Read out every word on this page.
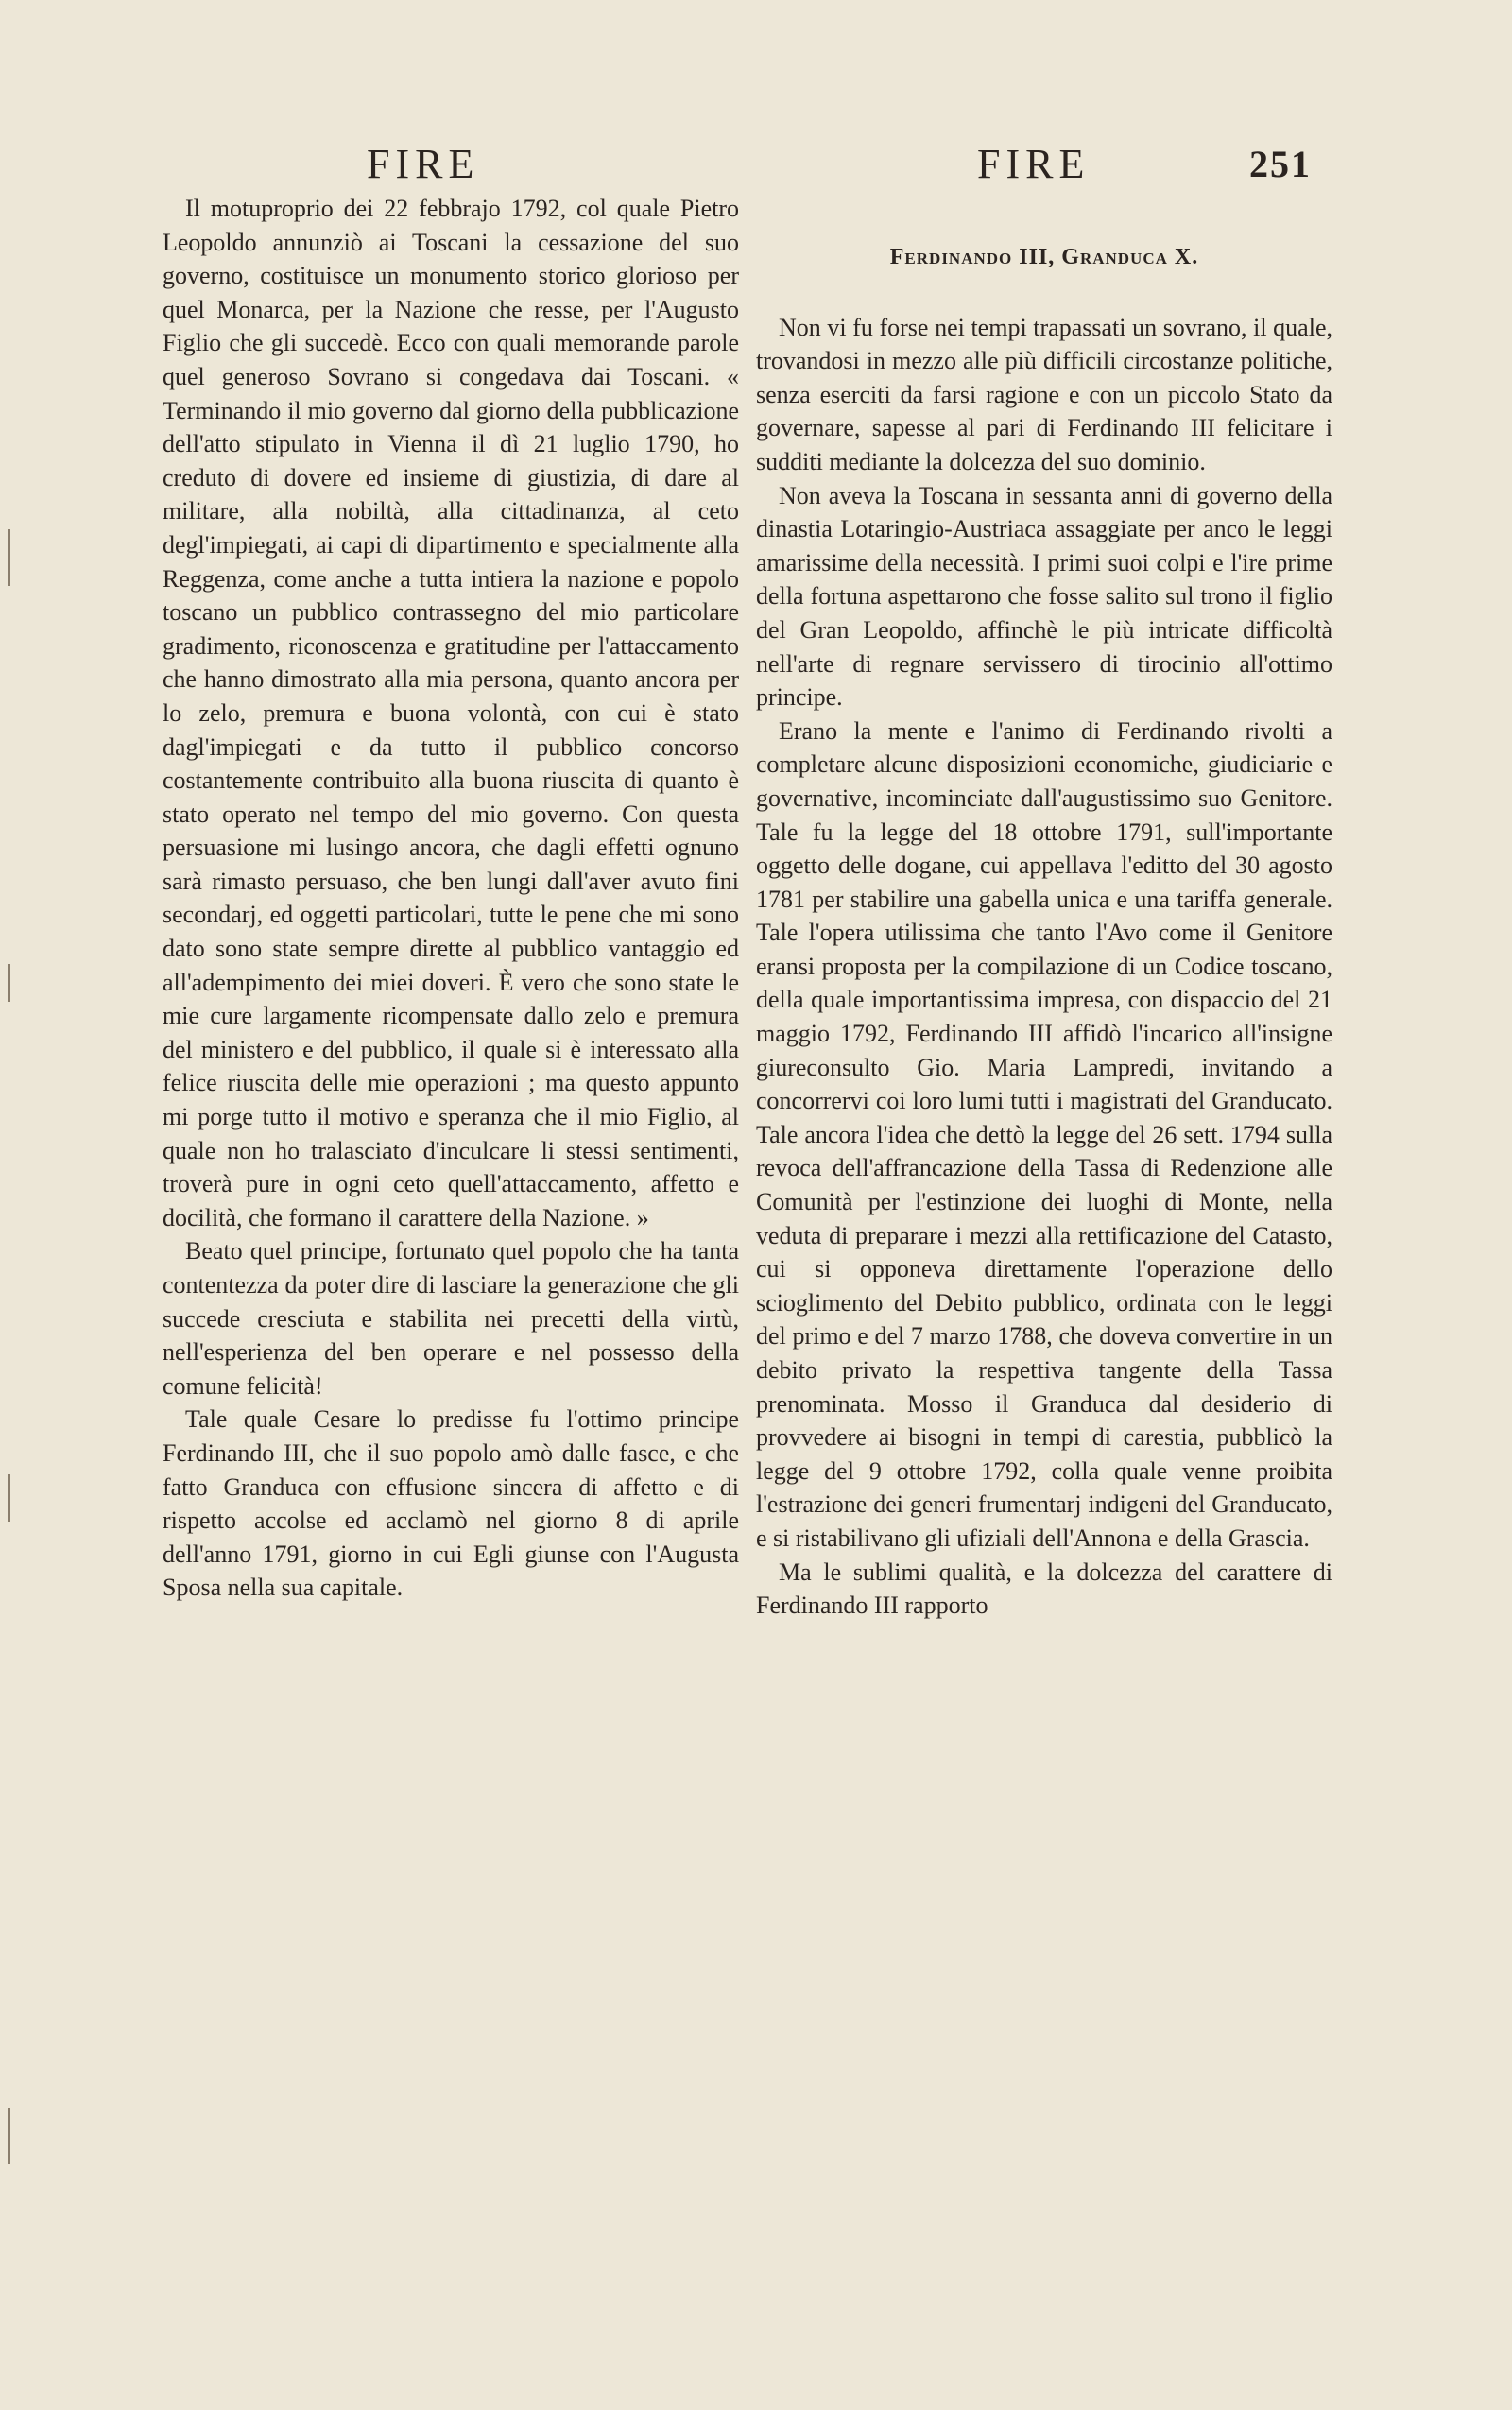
FIRE	FIRE	251

Il motuproprio dei 22 febbrajo 1792, col quale Pietro Leopoldo annunziò ai Toscani la cessazione del suo governo, costituisce un monumento storico glorioso per quel Monarca, per la Nazione che resse, per l'Augusto Figlio che gli succedè. Ecco con quali memorande parole quel generoso Sovrano si congedava dai Toscani. « Terminando il mio governo dal giorno della pubblicazione dell'atto stipulato in Vienna il dì 21 luglio 1790, ho creduto di dovere ed insieme di giustizia, di dare al militare, alla nobiltà, alla cittadinanza, al ceto degl'impiegati, ai capi di dipartimento e specialmente alla Reggenza, come anche a tutta intiera la nazione e popolo toscano un pubblico contrassegno del mio particolare gradimento, riconoscenza e gratitudine per l'attaccamento che hanno dimostrato alla mia persona, quanto ancora per lo zelo, premura e buona volontà, con cui è stato dagl'impiegati e da tutto il pubblico concorso costantemente contribuito alla buona riuscita di quanto è stato operato nel tempo del mio governo. Con questa persuasione mi lusingo ancora, che dagli effetti ognuno sarà rimasto persuaso, che ben lungi dall'aver avuto fini secondarj, ed oggetti particolari, tutte le pene che mi sono dato sono state sempre dirette al pubblico vantaggio ed all'adempimento dei miei doveri. È vero che sono state le mie cure largamente ricompensate dallo zelo e premura del ministero e del pubblico, il quale si è interessato alla felice riuscita delle mie operazioni ; ma questo appunto mi porge tutto il motivo e speranza che il mio Figlio, al quale non ho tralasciato d'inculcare li stessi sentimenti, troverà pure in ogni ceto quell'attaccamento, affetto e docilità, che formano il carattere della Nazione. »

Beato quel principe, fortunato quel popolo che ha tanta contentezza da poter dire di lasciare la generazione che gli succede cresciuta e stabilita nei precetti della virtù, nell'esperienza del ben operare e nel possesso della comune felicità!

Tale quale Cesare lo predisse fu l'ottimo principe Ferdinando III, che il suo popolo amò dalle fasce, e che fatto Granduca con effusione sincera di affetto e di rispetto accolse ed acclamò nel giorno 8 di aprile dell'anno 1791, giorno in cui Egli giunse con l'Augusta Sposa nella sua capitale.

Ferdinando III, Granduca X.

Non vi fu forse nei tempi trapassati un sovrano, il quale, trovandosi in mezzo alle più difficili circostanze politiche, senza eserciti da farsi ragione e con un piccolo Stato da governare, sapesse al pari di Ferdinando III felicitare i sudditi mediante la dolcezza del suo dominio.

Non aveva la Toscana in sessanta anni di governo della dinastia Lotaringio-Austriaca assaggiate per anco le leggi amarissime della necessità. I primi suoi colpi e l'ire prime della fortuna aspettarono che fosse salito sul trono il figlio del Gran Leopoldo, affinchè le più intricate difficoltà nell'arte di regnare servissero di tirocinio all'ottimo principe.

Erano la mente e l'animo di Ferdinando rivolti a completare alcune disposizioni economiche, giudiciarie e governative, incominciate dall'augustissimo suo Genitore. Tale fu la legge del 18 ottobre 1791, sull'importante oggetto delle dogane, cui appellava l'editto del 30 agosto 1781 per stabilire una gabella unica e una tariffa generale. Tale l'opera utilissima che tanto l'Avo come il Genitore eransi proposta per la compilazione di un Codice toscano, della quale importantissima impresa, con dispaccio del 21 maggio 1792, Ferdinando III affidò l'incarico all'insigne giureconsulto Gio. Maria Lampredi, invitando a concorrervi coi loro lumi tutti i magistrati del Granducato. Tale ancora l'idea che dettò la legge del 26 sett. 1794 sulla revoca dell'affrancazione della Tassa di Redenzione alle Comunità per l'estinzione dei luoghi di Monte, nella veduta di preparare i mezzi alla rettificazione del Catasto, cui si opponeva direttamente l'operazione dello scioglimento del Debito pubblico, ordinata con le leggi del primo e del 7 marzo 1788, che doveva convertire in un debito privato la respettiva tangente della Tassa prenominata. Mosso il Granduca dal desiderio di provvedere ai bisogni in tempi di carestia, pubblicò la legge del 9 ottobre 1792, colla quale venne proibita l'estrazione dei generi frumentarj indigeni del Granducato, e si ristabilivano gli ufiziali dell'Annona e della Grascia.

Ma le sublimi qualità, e la dolcezza del carattere di Ferdinando III rapporto
